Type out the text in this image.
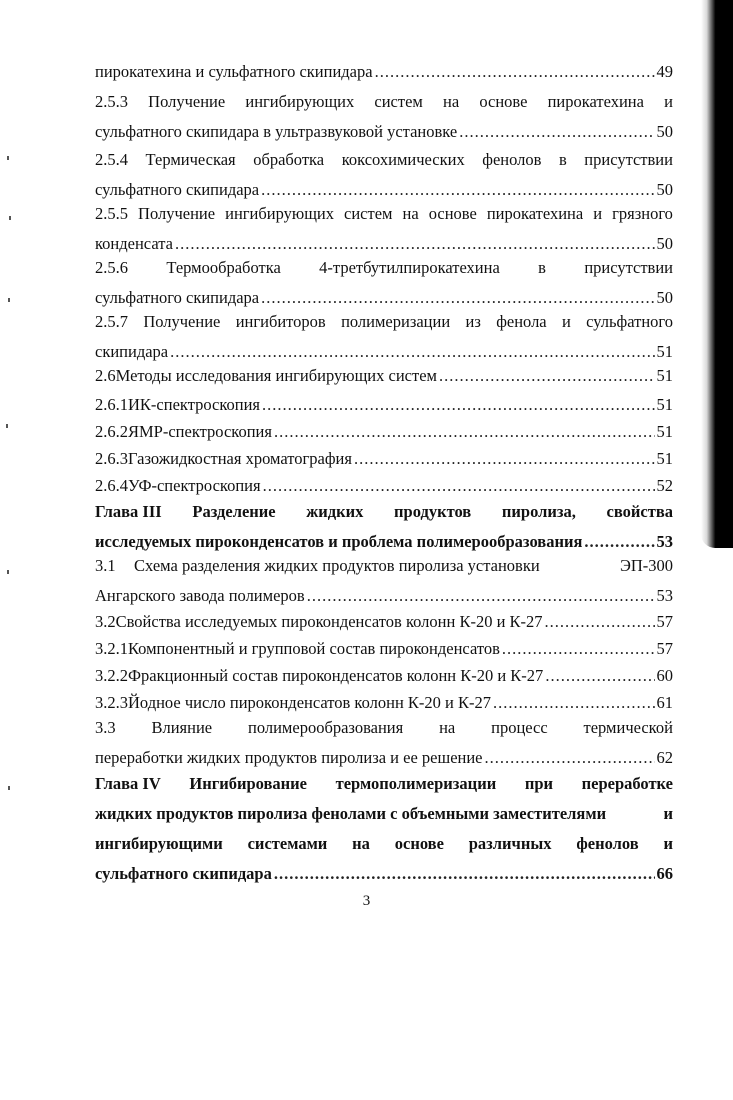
пирокатехина и сульфатного скипидара .....	49
2.5.3 Получение ингибирующих систем на основе пирокатехина и
сульфатного скипидара в ультразвуковой установке .....	50
2.5.4 Термическая обработка коксохимических фенолов в присутствии
сульфатного скипидара .....	50
2.5.5 Получение ингибирующих систем на основе пирокатехина и грязного
конденсата .....	50
2.5.6 Термообработка 4-третбутилпирокатехина в присутствии
сульфатного скипидара .....	50
2.5.7 Получение ингибиторов полимеризации из фенола и сульфатного
скипидара .....	51
2.6 Методы исследования ингибирующих систем .....	51
2.6.1 ИК-спектроскопия .....	51
2.6.2 ЯМР-спектроскопия .....	51
2.6.3 Газожидкостная хроматография .....	51
2.6.4 УФ-спектроскопия .....	52
Глава III Разделение жидких продуктов пиролиза, свойства
исследуемых пироконденсатов и проблема полимерообразования .....	53
3.1 Схема разделения жидких продуктов пиролиза установки	ЭП-300
Ангарского завода полимеров .....	53
3.2 Свойства исследуемых пироконденсатов колонн К-20 и К-27 .....	57
3.2.1 Компонентный и групповой состав пироконденсатов .....	57
3.2.2 Фракционный состав пироконденсатов колонн К-20 и К-27 .....	60
3.2.3 Йодное число пироконденсатов колонн К-20 и К-27 .....	61
3.3 Влияние полимерообразования на процесс термической
переработки жидких продуктов пиролиза и ее решение .....	62
Глава IV Ингибирование термополимеризации при переработке
жидких продуктов пиролиза фенолами с объемными заместителями	и
ингибирующими системами на основе различных фенолов и
сульфатного скипидара .....	66
3
